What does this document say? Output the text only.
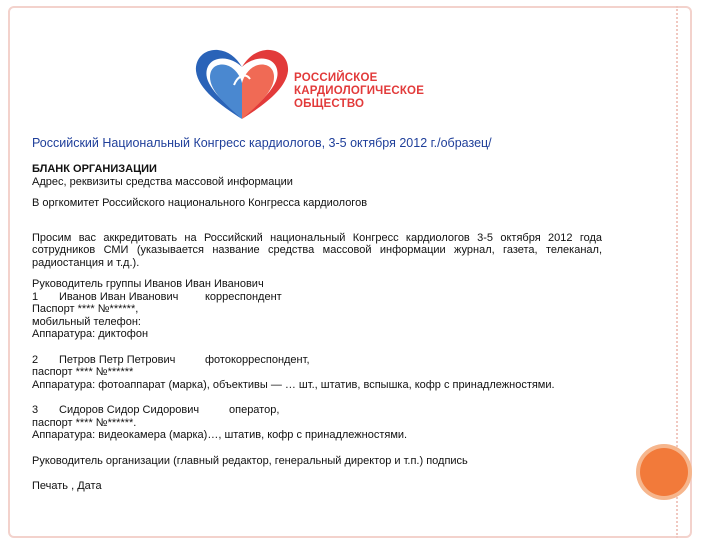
РОССИЙСКОЕ
КАРДИОЛОГИЧЕСКОЕ
ОБЩЕСТВО

Российский Национальный Конгресс кардиологов, 3-5 октября 2012 г./образец/

БЛАНК ОРГАНИЗАЦИИ
Адрес, реквизиты средства массовой информации
В оргкомитет Российского национального Конгресса кардиологов
Просим вас аккредитовать на Российский национальный Конгресс кардиологов 3-5 октября 2012 года сотрудников СМИ (указывается название средства массовой информации журнал, газета, телеканал, радиостанция и т.д.).
Руководитель группы Иванов Иван Иванович
1	Иванов Иван Иванович	корреспондент
Паспорт **** №******,
мобильный телефон:
Аппаратура: диктофон
2	Петров Петр Петрович	фотокорреспондент,
паспорт **** №******
Аппаратура: фотоаппарат (марка), объективы — … шт., штатив, вспышка, кофр с принадлежностями.
3	Сидоров Сидор Сидорович	оператор,
паспорт **** №******.
Аппаратура: видеокамера (марка)…, штатив, кофр с принадлежностями.
Руководитель организации (главный редактор, генеральный директор и т.п.) подпись
Печать , Дата
